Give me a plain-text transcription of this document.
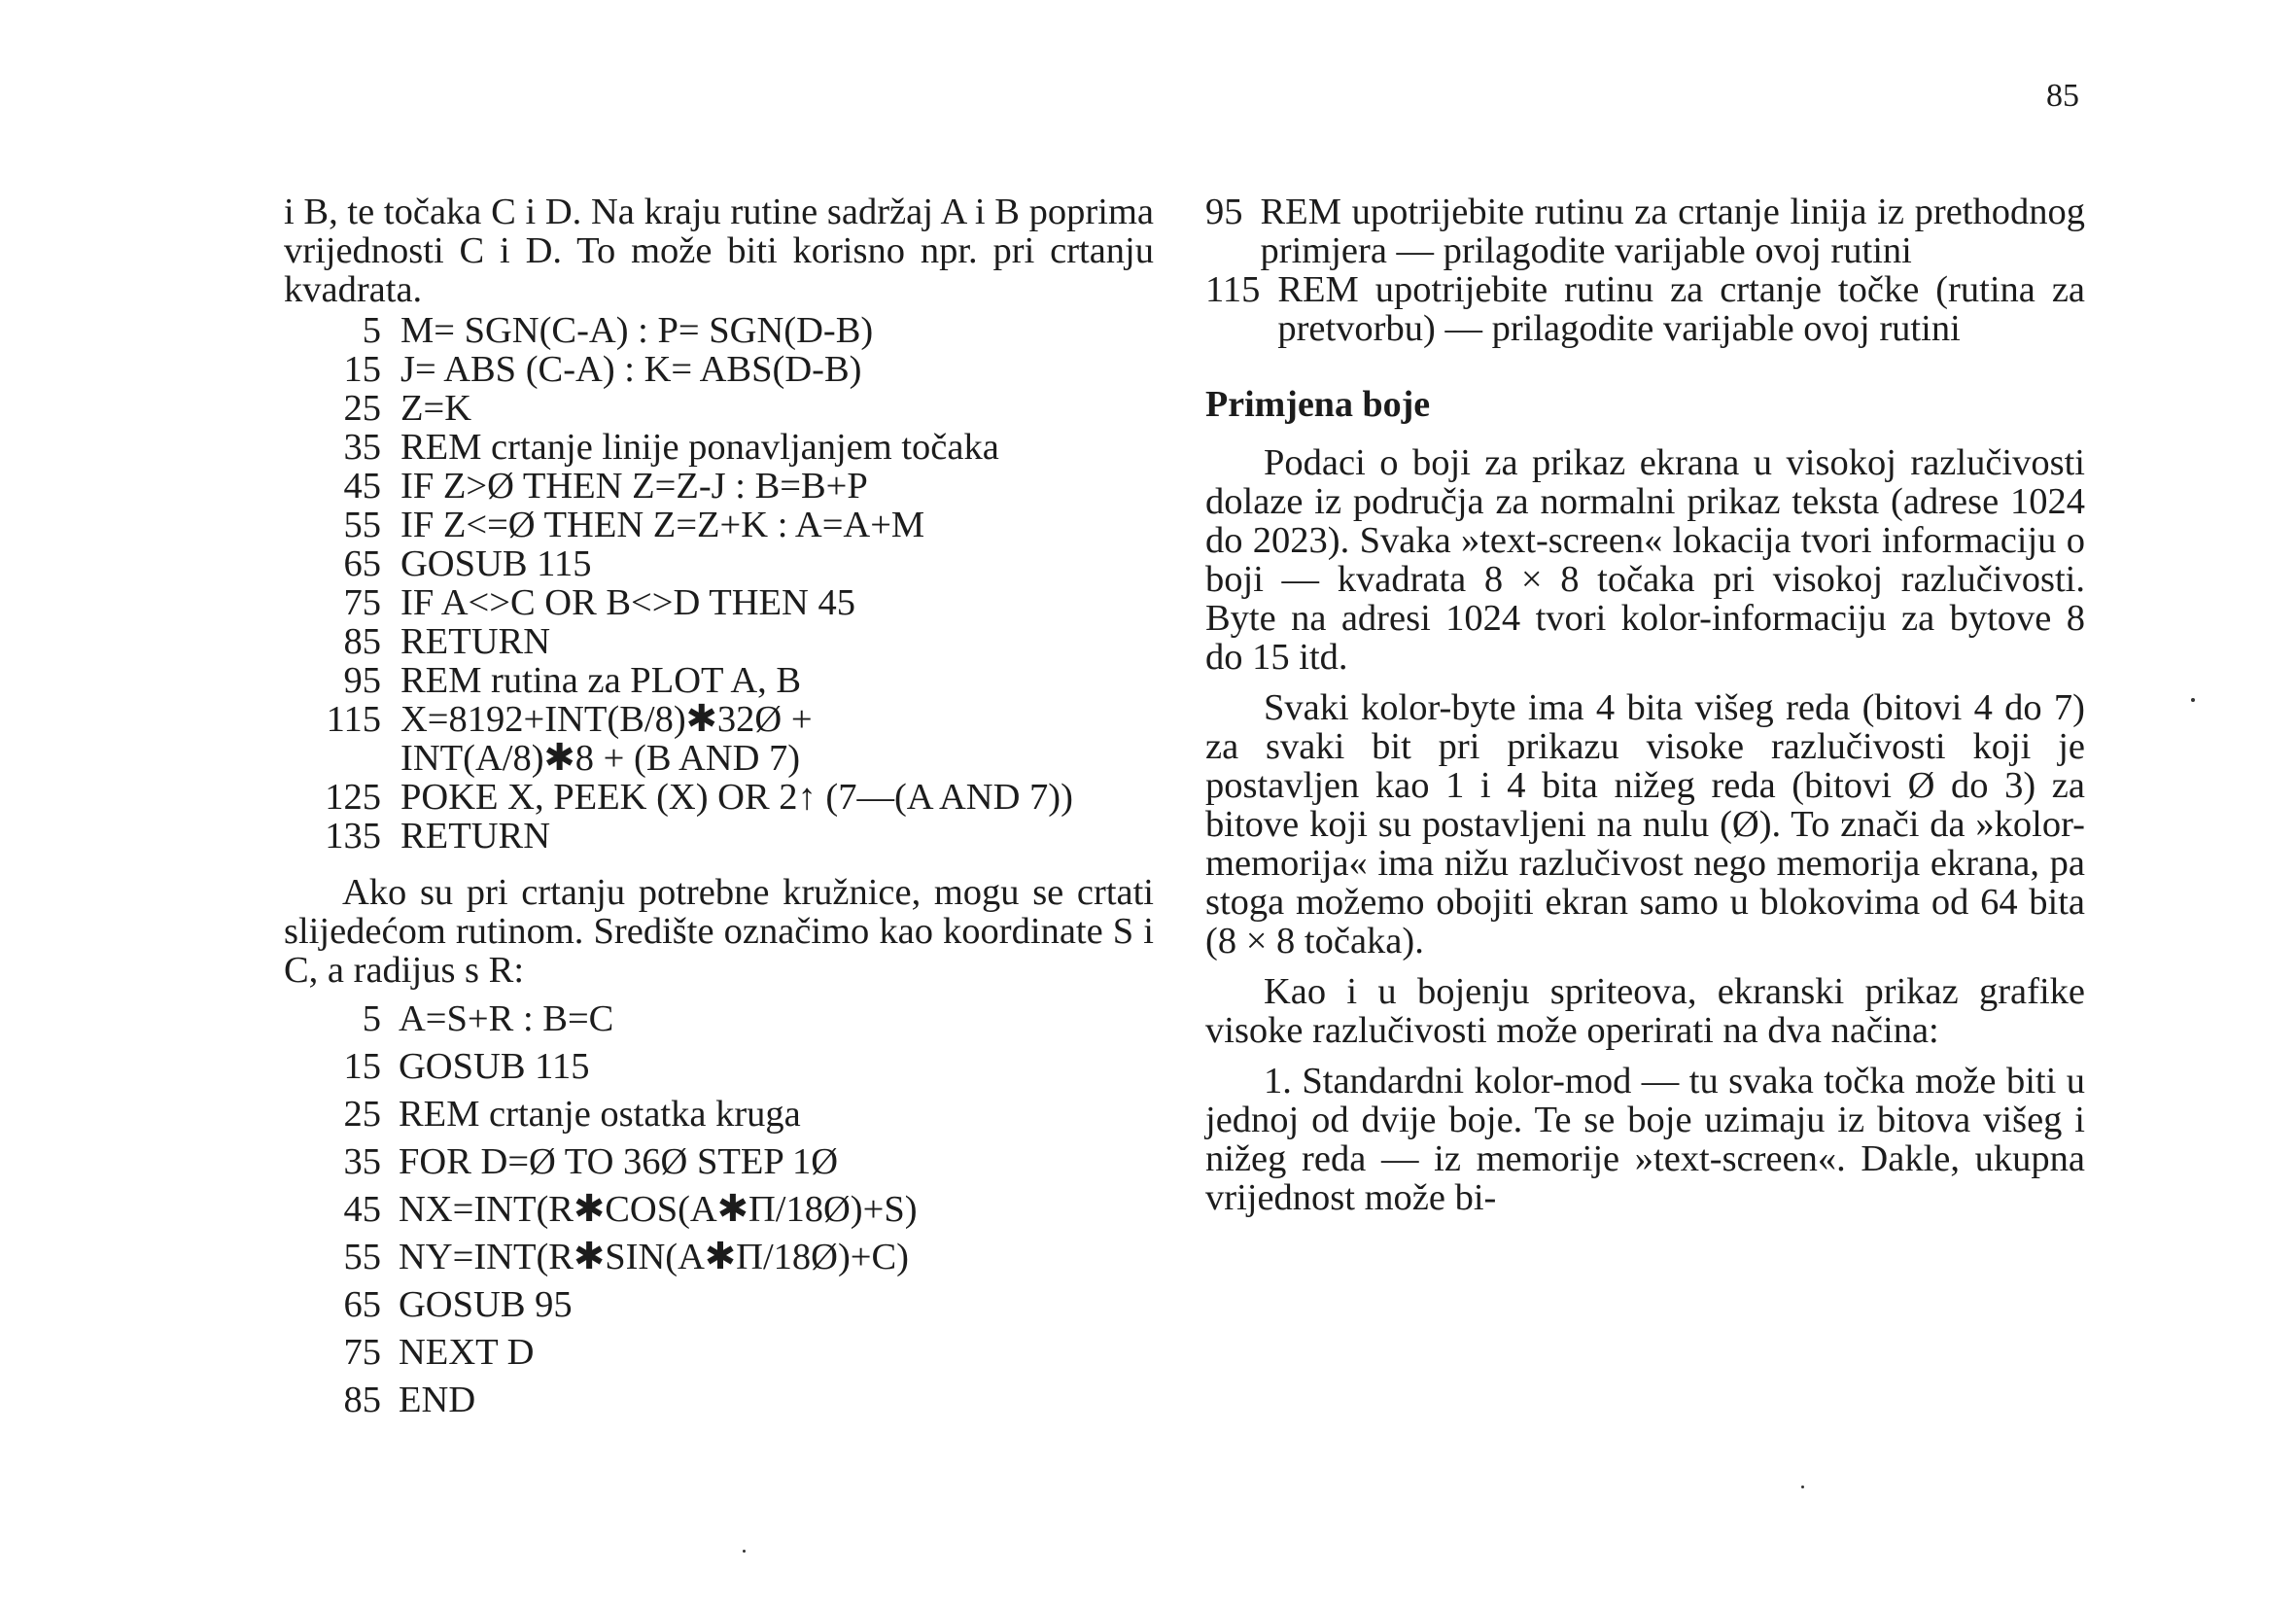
85

i B, te točaka C i D. Na kraju rutine sadržaj A i B poprima vrijednosti C i D. To može biti korisno npr. pri crtanju kvadrata.

5 M= SGN(C-A) : P= SGN(D-B)
15 J= ABS (C-A) : K= ABS(D-B)
25 Z=K
35 REM crtanje linije ponavljanjem točaka
45 IF Z>Ø THEN Z=Z-J : B=B+P
55 IF Z<=Ø THEN Z=Z+K : A=A+M
65 GOSUB 115
75 IF A<>C OR B<>D THEN 45
85 RETURN
95 REM rutina za PLOT A, B
115 X=8192+INT(B/8)✱32Ø +
INT(A/8)✱8 + (B AND 7)
125 POKE X, PEEK (X) OR 2↑ (7—(A AND 7))
135 RETURN

Ako su pri crtanju potrebne kružnice, mogu se crtati slijedećom rutinom. Središte označimo kao koordinate S i C, a radijus s R:

5 A=S+R : B=C
15 GOSUB 115
25 REM crtanje ostatka kruga
35 FOR D=Ø TO 36Ø STEP 1Ø
45 NX=INT(R✱COS(A✱Π/18Ø)+S)
55 NY=INT(R✱SIN(A✱Π/18Ø)+C)
65 GOSUB 95
75 NEXT D
85 END
95 REM upotrijebite rutinu za crtanje linija iz prethodnog primjera — prilagodite varijable ovoj rutini
115 REM upotrijebite rutinu za crtanje točke (rutina za pretvorbu) — prilagodite varijable ovoj rutini
Primjena boje

Podaci o boji za prikaz ekrana u visokoj razlučivosti dolaze iz područja za normalni prikaz teksta (adrese 1024 do 2023). Svaka »text-screen« lokacija tvori informaciju o boji — kvadrata 8 × 8 točaka pri visokoj razlučivosti. Byte na adresi 1024 tvori kolor-informaciju za bytove 8 do 15 itd.

Svaki kolor-byte ima 4 bita višeg reda (bitovi 4 do 7) za svaki bit pri prikazu visoke razlučivosti koji je postavljen kao 1 i 4 bita nižeg reda (bitovi Ø do 3) za bitove koji su postavljeni na nulu (Ø). To znači da »kolor-memorija« ima nižu razlučivost nego memorija ekrana, pa stoga možemo obojiti ekran samo u blokovima od 64 bita (8 × 8 točaka).

Kao i u bojenju spriteova, ekranski prikaz grafike visoke razlučivosti može operirati na dva načina:

1. Standardni kolor-mod — tu svaka točka može biti u jednoj od dvije boje. Te se boje uzimaju iz bitova višeg i nižeg reda — iz memorije »text-screen«. Dakle, ukupna vrijednost može bi-
